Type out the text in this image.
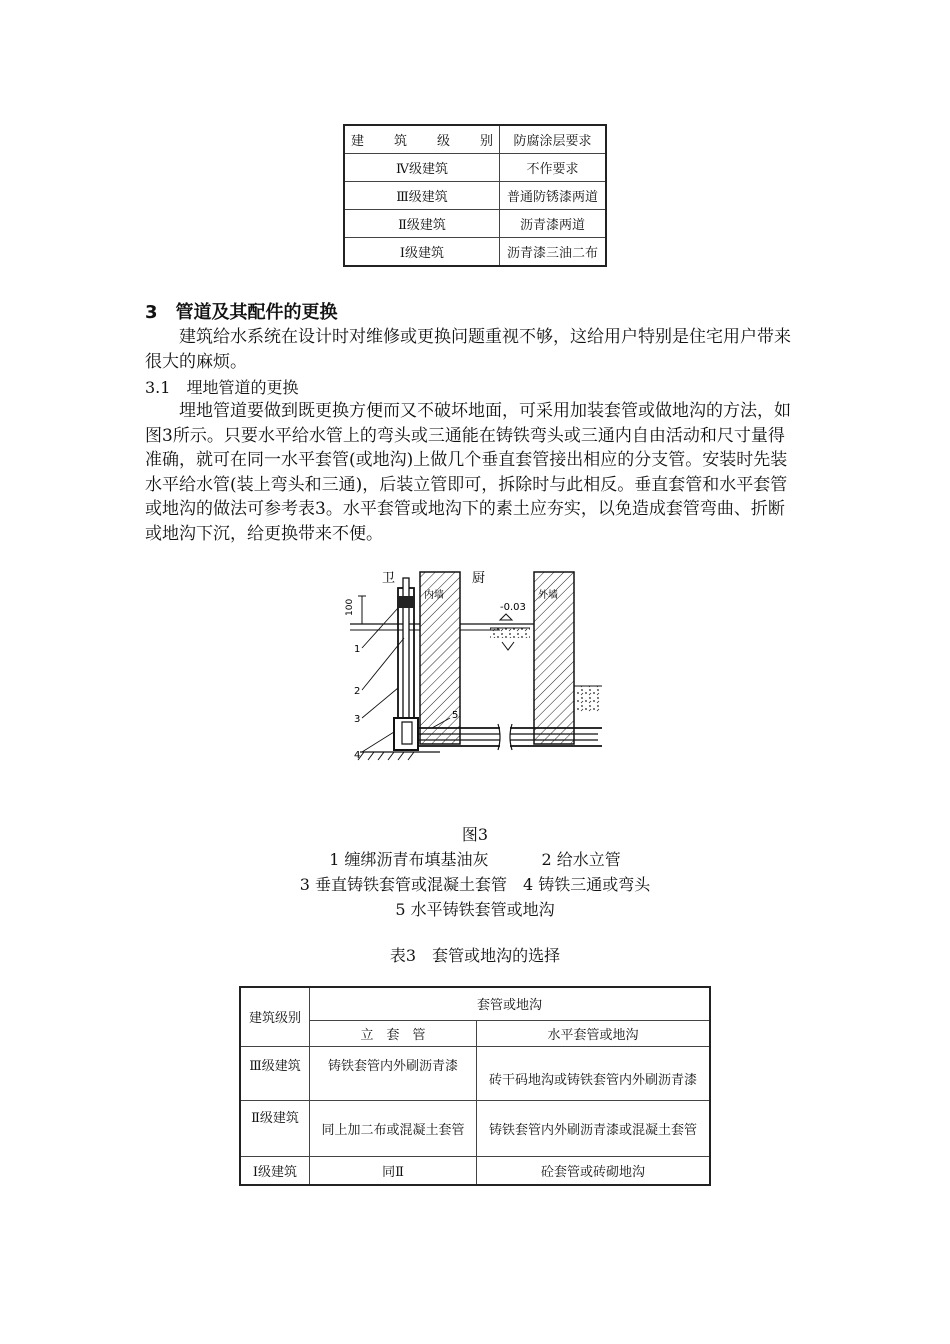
建　　筑　　级　　别	防腐涂层要求
Ⅳ级建筑	不作要求
Ⅲ级建筑	普通防锈漆两道
Ⅱ级建筑	沥青漆两道
Ⅰ级建筑	沥青漆三油二布
3　管道及其配件的更换
建筑给水系统在设计时对维修或更换问题重视不够，这给用户特别是住宅用户带来很大的麻烦。
3.1　埋地管道的更换
埋地管道要做到既更换方便而又不破坏地面，可采用加装套管或做地沟的方法，如图3所示。只要水平给水管上的弯头或三通能在铸铁弯头或三通内自由活动和尺寸量得准确，就可在同一水平套管(或地沟)上做几个垂直套管接出相应的分支管。安装时先装水平给水管(装上弯头和三通)，后装立管即可，拆除时与此相反。垂直套管和水平套管或地沟的做法可参考表3。水平套管或地沟下的素土应夯实，以免造成套管弯曲、折断或地沟下沉，给更换带来不便。
卫	厨
内墙	外墙
100	-0.03
1
2
3
4
5
图3
1 缠绑沥青布填基油灰　　　 2 给水立管
3 垂直铸铁套管或混凝土套管　4 铸铁三通或弯头
5 水平铸铁套管或地沟
表3　套管或地沟的选择
建筑级别	套管或地沟	
	立　套　管	水平套管或地沟
Ⅲ级建筑	铸铁套管内外刷沥青漆	砖干码地沟或铸铁套管内外刷沥青漆
Ⅱ级建筑	同上加二布或混凝土套管	铸铁套管内外刷沥青漆或混凝土套管
Ⅰ级建筑	同Ⅱ	砼套管或砖砌地沟
